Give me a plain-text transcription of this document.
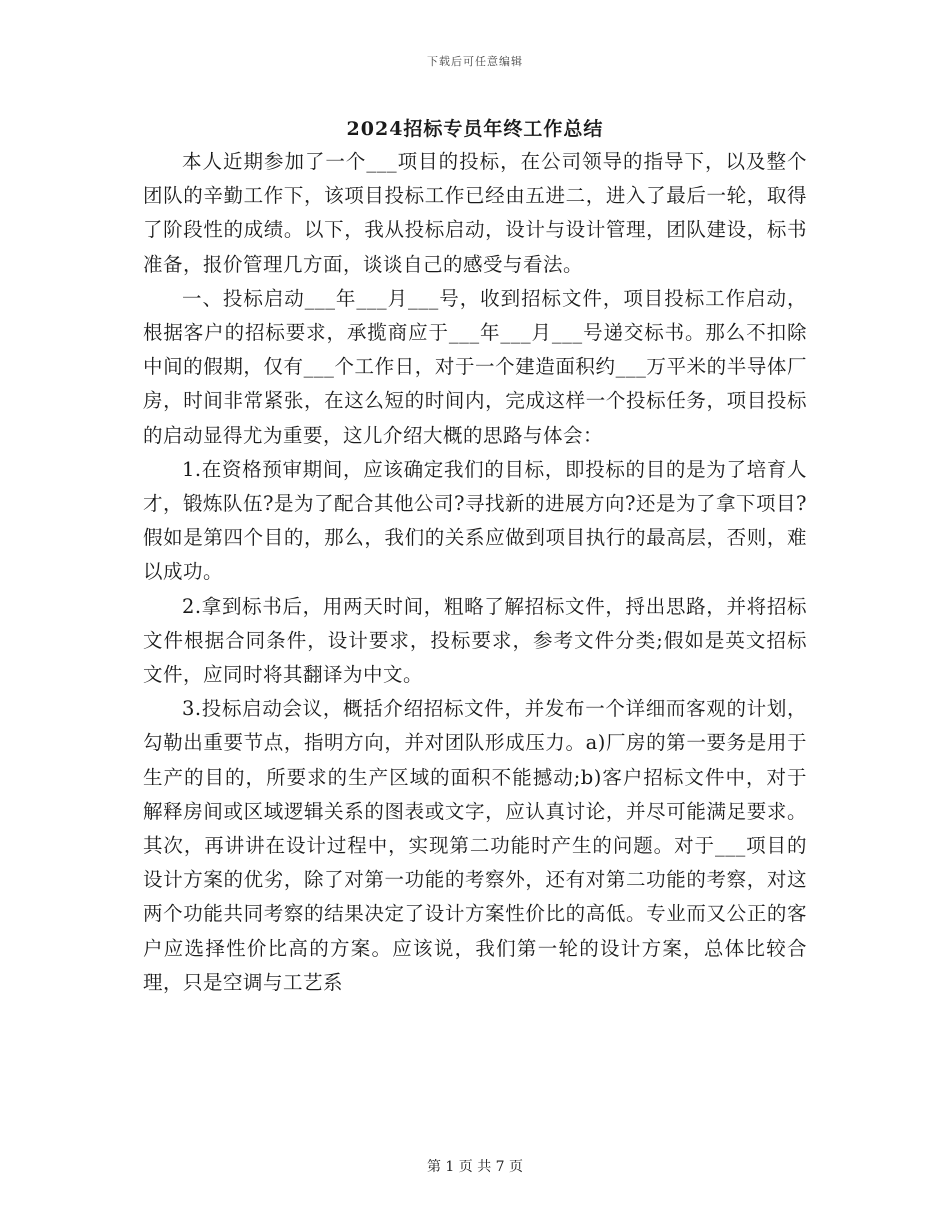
下载后可任意编辑
2024招标专员年终工作总结

本人近期参加了一个___项目的投标，在公司领导的指导下，以及整个团队的辛勤工作下，该项目投标工作已经由五进二，进入了最后一轮，取得了阶段性的成绩。以下，我从投标启动，设计与设计管理，团队建设，标书准备，报价管理几方面，谈谈自己的感受与看法。

一、投标启动___年___月___号，收到招标文件，项目投标工作启动，根据客户的招标要求，承揽商应于___年___月___号递交标书。那么不扣除中间的假期，仅有___个工作日，对于一个建造面积约___万平米的半导体厂房，时间非常紧张，在这么短的时间内，完成这样一个投标任务，项目投标的启动显得尤为重要，这儿介绍大概的思路与体会：

1.在资格预审期间，应该确定我们的目标，即投标的目的是为了培育人才，锻炼队伍?是为了配合其他公司?寻找新的进展方向?还是为了拿下项目?假如是第四个目的，那么，我们的关系应做到项目执行的最高层，否则，难以成功。

2.拿到标书后，用两天时间，粗略了解招标文件，捋出思路，并将招标文件根据合同条件，设计要求，投标要求，参考文件分类;假如是英文招标文件，应同时将其翻译为中文。

3.投标启动会议，概括介绍招标文件，并发布一个详细而客观的计划，勾勒出重要节点，指明方向，并对团队形成压力。a)厂房的第一要务是用于生产的目的，所要求的生产区域的面积不能撼动;b)客户招标文件中，对于解释房间或区域逻辑关系的图表或文字，应认真讨论，并尽可能满足要求。其次，再讲讲在设计过程中，实现第二功能时产生的问题。对于___项目的设计方案的优劣，除了对第一功能的考察外，还有对第二功能的考察，对这两个功能共同考察的结果决定了设计方案性价比的高低。专业而又公正的客户应选择性价比高的方案。应该说，我们第一轮的设计方案，总体比较合理，只是空调与工艺系

第 1 页 共 7 页
